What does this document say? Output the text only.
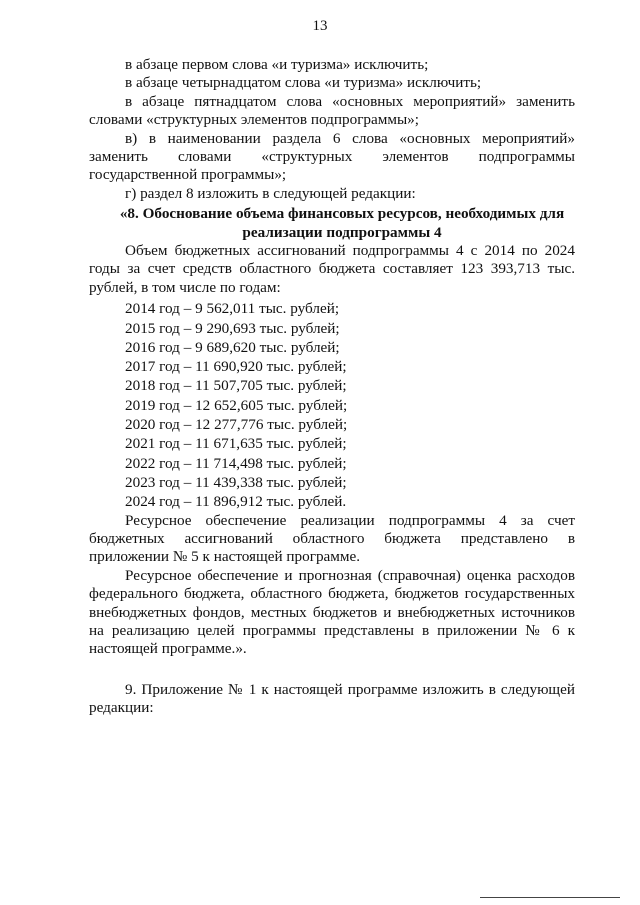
13

в абзаце первом слова «и туризма» исключить;

в абзаце четырнадцатом слова «и туризма» исключить;

в абзаце пятнадцатом слова «основных мероприятий» заменить словами «структурных элементов подпрограммы»;

в) в наименовании раздела 6 слова «основных мероприятий» заменить словами «структурных элементов подпрограммы государственной программы»;

г) раздел 8 изложить в следующей редакции:

«8. Обоснование объема финансовых ресурсов, необходимых для реализации подпрограммы 4

Объем бюджетных ассигнований подпрограммы 4 с 2014 по 2024 годы за счет средств областного бюджета составляет 123 393,713 тыс. рублей, в том числе по годам:

2014 год – 9 562,011 тыс. рублей;
2015 год – 9 290,693 тыс. рублей;
2016 год – 9 689,620 тыс. рублей;
2017 год – 11 690,920 тыс. рублей;
2018 год – 11 507,705 тыс. рублей;
2019 год – 12 652,605 тыс. рублей;
2020 год – 12 277,776 тыс. рублей;
2021 год – 11 671,635 тыс. рублей;
2022 год – 11 714,498 тыс. рублей;
2023 год – 11 439,338 тыс. рублей;
2024 год – 11 896,912 тыс. рублей.

Ресурсное обеспечение реализации подпрограммы 4 за счет бюджетных ассигнований областного бюджета представлено в приложении № 5 к настоящей программе.

Ресурсное обеспечение и прогнозная (справочная) оценка расходов федерального бюджета, областного бюджета, бюджетов государственных внебюджетных фондов, местных бюджетов и внебюджетных источников на реализацию целей программы представлены в приложении № 6 к настоящей программе.».

9. Приложение № 1 к настоящей программе изложить в следующей редакции:
